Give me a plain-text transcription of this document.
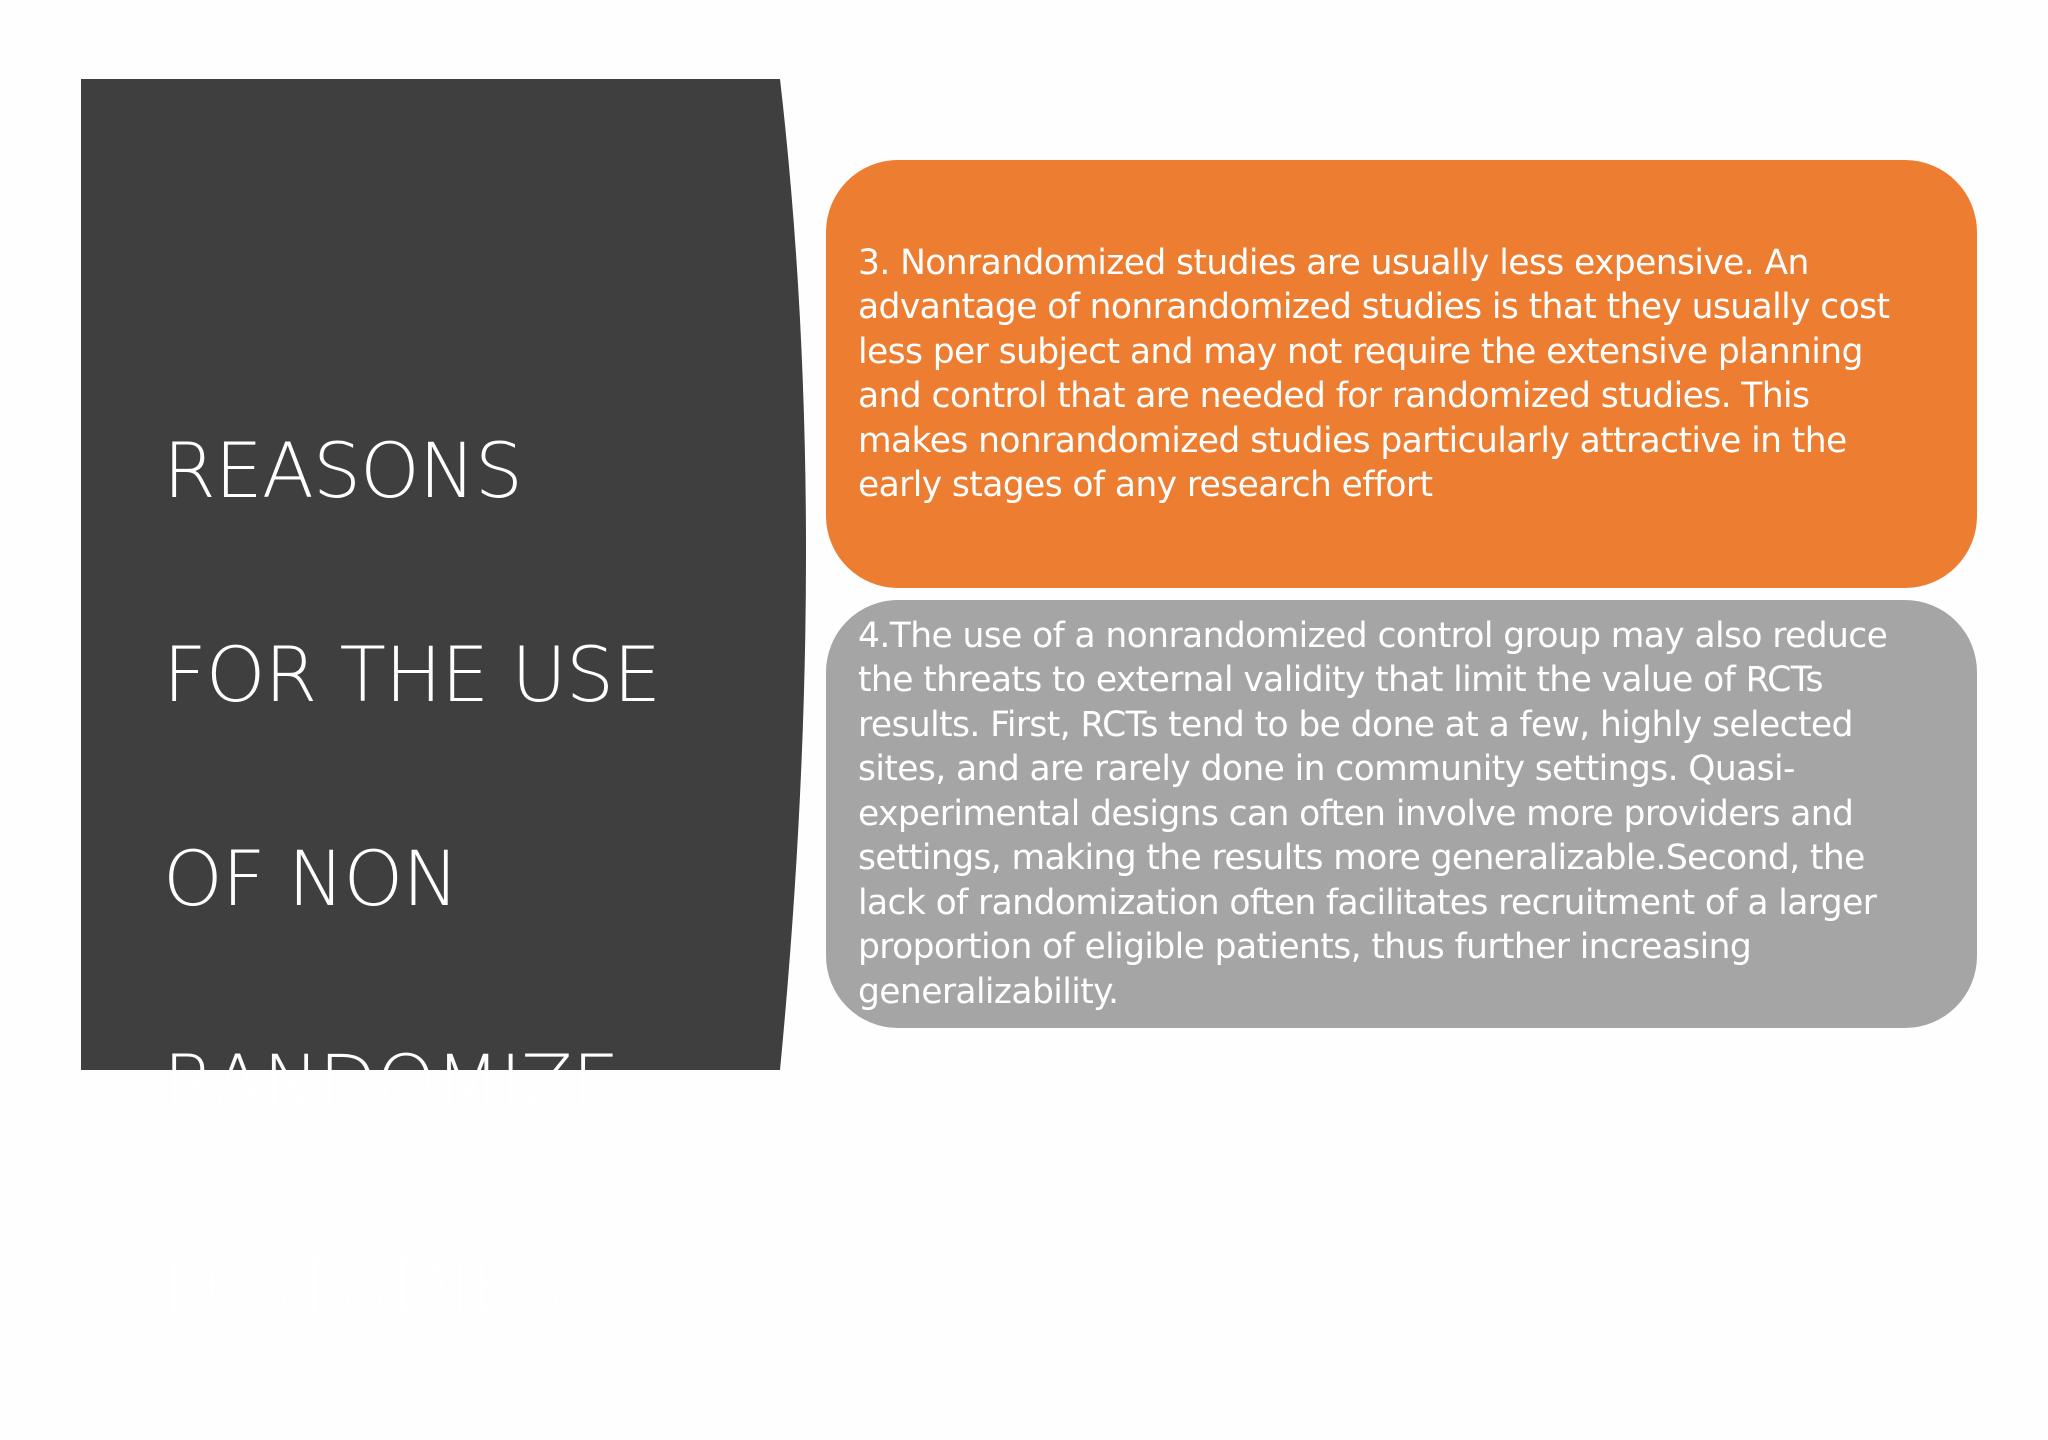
REASONS

FOR THE USE

OF NON

RANDOMIZE

D STUDIES

3. Nonrandomized studies are usually less expensive. An advantage of nonrandomized studies is that they usually cost less per subject and may not require the extensive planning and control that are needed for randomized studies. This makes nonrandomized studies particularly attractive in the early stages of any research effort

4.The use of a nonrandomized control group may also reduce the threats to external validity that limit the value of RCTs results. First, RCTs tend to be done at a few, highly selected sites, and are rarely done in community settings. Quasi-experimental designs can often involve more providers and settings, making the results more generalizable.Second, the lack of randomization often facilitates recruitment of a larger proportion of eligible patients, thus further increasing generalizability.
